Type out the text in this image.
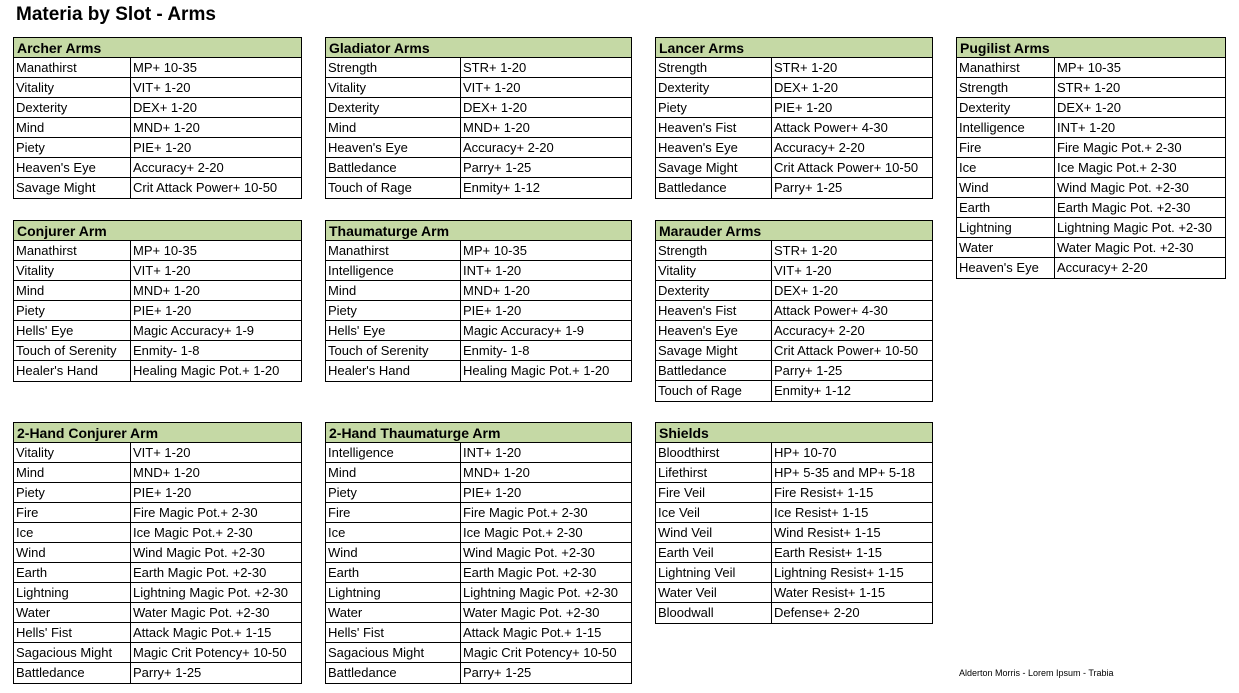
Materia by Slot - Arms
Archer Arms
Manathirst	MP+ 10-35
Vitality	VIT+ 1-20
Dexterity	DEX+ 1-20
Mind	MND+ 1-20
Piety	PIE+ 1-20
Heaven's Eye	Accuracy+ 2-20
Savage Might	Crit Attack Power+ 10-50
Gladiator Arms
Strength	STR+ 1-20
Vitality	VIT+ 1-20
Dexterity	DEX+ 1-20
Mind	MND+ 1-20
Heaven's Eye	Accuracy+ 2-20
Battledance	Parry+ 1-25
Touch of Rage	Enmity+ 1-12
Lancer Arms
Strength	STR+ 1-20
Dexterity	DEX+ 1-20
Piety	PIE+ 1-20
Heaven's Fist	Attack Power+ 4-30
Heaven's Eye	Accuracy+ 2-20
Savage Might	Crit Attack Power+ 10-50
Battledance	Parry+ 1-25
Pugilist Arms
Manathirst	MP+ 10-35
Strength	STR+ 1-20
Dexterity	DEX+ 1-20
Intelligence	INT+ 1-20
Fire	Fire Magic Pot.+ 2-30
Ice	Ice Magic Pot.+ 2-30
Wind	Wind Magic Pot. +2-30
Earth	Earth Magic Pot. +2-30
Lightning	Lightning Magic Pot. +2-30
Water	Water Magic Pot. +2-30
Heaven's Eye	Accuracy+ 2-20
Conjurer Arm
Manathirst	MP+ 10-35
Vitality	VIT+ 1-20
Mind	MND+ 1-20
Piety	PIE+ 1-20
Hells' Eye	Magic Accuracy+ 1-9
Touch of Serenity	Enmity- 1-8
Healer's Hand	Healing Magic Pot.+ 1-20
Thaumaturge Arm
Manathirst	MP+ 10-35
Intelligence	INT+ 1-20
Mind	MND+ 1-20
Piety	PIE+ 1-20
Hells' Eye	Magic Accuracy+ 1-9
Touch of Serenity	Enmity- 1-8
Healer's Hand	Healing Magic Pot.+ 1-20
Marauder Arms
Strength	STR+ 1-20
Vitality	VIT+ 1-20
Dexterity	DEX+ 1-20
Heaven's Fist	Attack Power+ 4-30
Heaven's Eye	Accuracy+ 2-20
Savage Might	Crit Attack Power+ 10-50
Battledance	Parry+ 1-25
Touch of Rage	Enmity+ 1-12
2-Hand Conjurer Arm
Vitality	VIT+ 1-20
Mind	MND+ 1-20
Piety	PIE+ 1-20
Fire	Fire Magic Pot.+ 2-30
Ice	Ice Magic Pot.+ 2-30
Wind	Wind Magic Pot. +2-30
Earth	Earth Magic Pot. +2-30
Lightning	Lightning Magic Pot. +2-30
Water	Water Magic Pot. +2-30
Hells' Fist	Attack Magic Pot.+ 1-15
Sagacious Might	Magic Crit Potency+ 10-50
Battledance	Parry+ 1-25
2-Hand Thaumaturge Arm
Intelligence	INT+ 1-20
Mind	MND+ 1-20
Piety	PIE+ 1-20
Fire	Fire Magic Pot.+ 2-30
Ice	Ice Magic Pot.+ 2-30
Wind	Wind Magic Pot. +2-30
Earth	Earth Magic Pot. +2-30
Lightning	Lightning Magic Pot. +2-30
Water	Water Magic Pot. +2-30
Hells' Fist	Attack Magic Pot.+ 1-15
Sagacious Might	Magic Crit Potency+ 10-50
Battledance	Parry+ 1-25
Shields
Bloodthirst	HP+ 10-70
Lifethirst	HP+ 5-35 and MP+ 5-18
Fire Veil	Fire Resist+ 1-15
Ice Veil	Ice Resist+ 1-15
Wind Veil	Wind Resist+ 1-15
Earth Veil	Earth Resist+ 1-15
Lightning Veil	Lightning Resist+ 1-15
Water Veil	Water Resist+ 1-15
Bloodwall	Defense+ 2-20
Alderton Morris - Lorem Ipsum - Trabia
